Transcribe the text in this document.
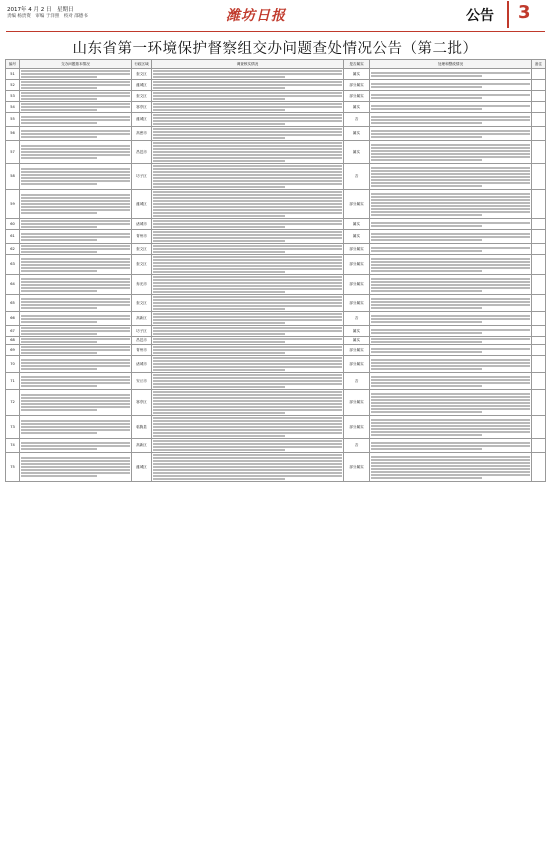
2017年 4 月 2 日　星期日
责编 杨贵资　审编 于洋照　校对 邵德书	潍坊日报	公告 3
山东省第一环境保护督察组交办问题查处情况公告（第二批）
编号	交办问题基本情况	行政区域	调查核实情况	是否属实	处理和整改情况	备注
51		奎文区		属实	

52		潍城区		部分属实	

53		奎文区		部分属实	

54		寒亭区		属实	

55		潍城区		否	

56		高密市		属实	

57		昌邑市		属实	

58		坊子区		否	

59		潍城区		部分属实	

60		诸城市		属实	

61		青州市		属实	

62		奎文区		部分属实	

63		奎文区		部分属实	

64		寿光市		部分属实	

65		奎文区		部分属实	

66		高新区		否	

67		坊子区		属实	

68		昌邑市		属实	

69		青州市		部分属实	

70		诸城市		部分属实	

71		安丘市		否	

72		寒亭区		部分属实	

73		临朐县		部分属实	

74		高新区		否	

75		潍城区		部分属实	
